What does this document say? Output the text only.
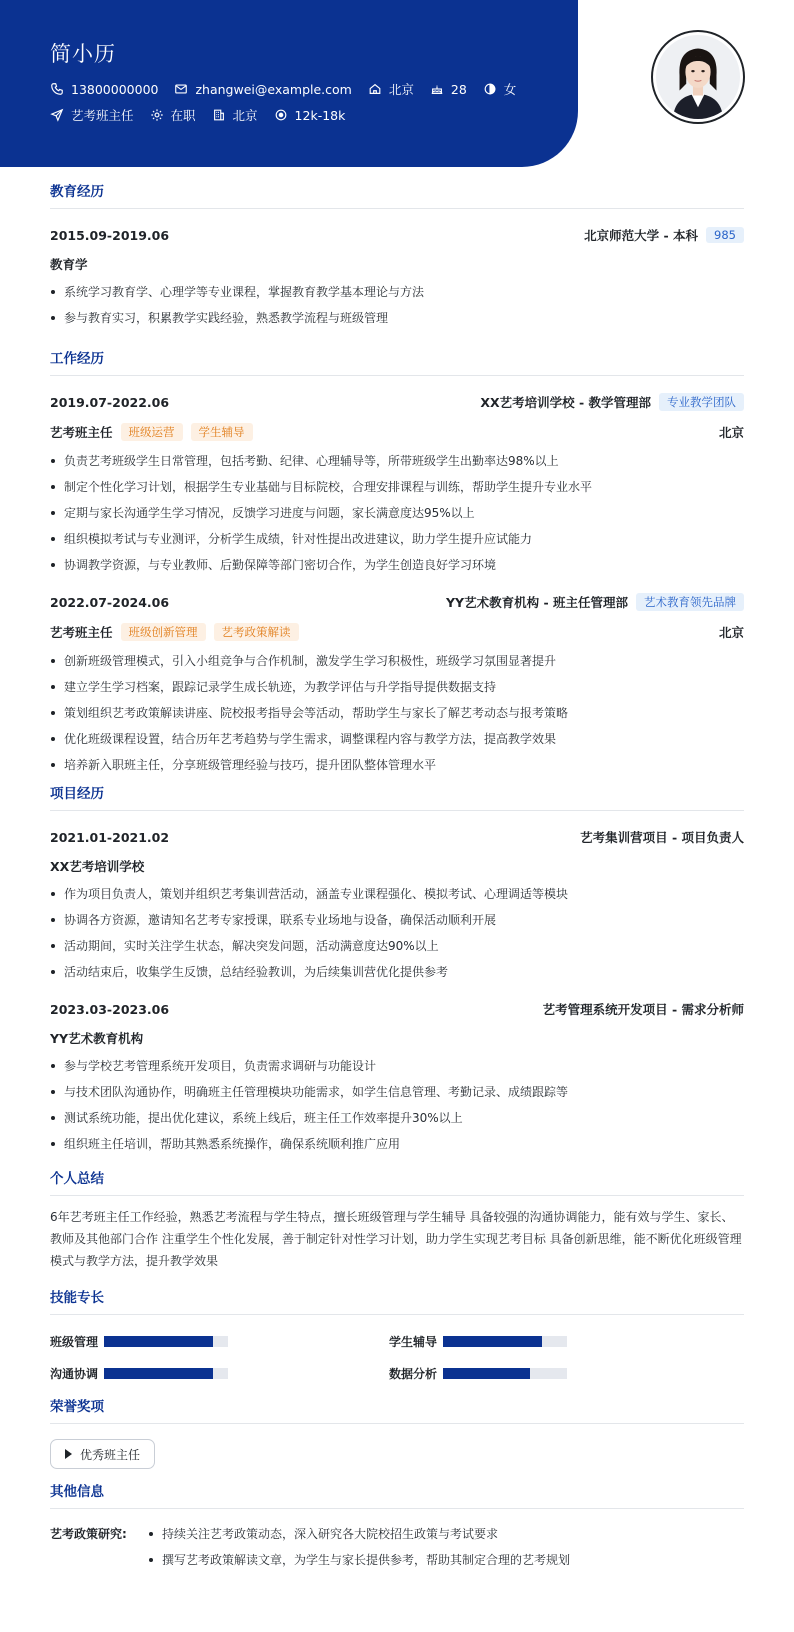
简小历
13800000000	zhangwei@example.com	北京	28	女
艺考班主任	在职	北京	12k-18k
教育经历
2015.09-2019.06	北京师范大学 - 本科	985
教育学
系统学习教育学、心理学等专业课程，掌握教育教学基本理论与方法
参与教育实习，积累教学实践经验，熟悉教学流程与班级管理
工作经历
2019.07-2022.06	XX艺考培训学校 - 教学管理部	专业教学团队
艺考班主任	班级运营	学生辅导	北京
负责艺考班级学生日常管理，包括考勤、纪律、心理辅导等，所带班级学生出勤率达98%以上
制定个性化学习计划，根据学生专业基础与目标院校，合理安排课程与训练，帮助学生提升专业水平
定期与家长沟通学生学习情况，反馈学习进度与问题，家长满意度达95%以上
组织模拟考试与专业测评，分析学生成绩，针对性提出改进建议，助力学生提升应试能力
协调教学资源，与专业教师、后勤保障等部门密切合作，为学生创造良好学习环境
2022.07-2024.06	YY艺术教育机构 - 班主任管理部	艺术教育领先品牌
艺考班主任	班级创新管理	艺考政策解读	北京
创新班级管理模式，引入小组竞争与合作机制，激发学生学习积极性，班级学习氛围显著提升
建立学生学习档案，跟踪记录学生成长轨迹，为教学评估与升学指导提供数据支持
策划组织艺考政策解读讲座、院校报考指导会等活动，帮助学生与家长了解艺考动态与报考策略
优化班级课程设置，结合历年艺考趋势与学生需求，调整课程内容与教学方法，提高教学效果
培养新入职班主任，分享班级管理经验与技巧，提升团队整体管理水平
项目经历
2021.01-2021.02	艺考集训营项目 - 项目负责人
XX艺考培训学校
作为项目负责人，策划并组织艺考集训营活动，涵盖专业课程强化、模拟考试、心理调适等模块
协调各方资源，邀请知名艺考专家授课，联系专业场地与设备，确保活动顺利开展
活动期间，实时关注学生状态，解决突发问题，活动满意度达90%以上
活动结束后，收集学生反馈，总结经验教训，为后续集训营优化提供参考
2023.03-2023.06	艺考管理系统开发项目 - 需求分析师
YY艺术教育机构
参与学校艺考管理系统开发项目，负责需求调研与功能设计
与技术团队沟通协作，明确班主任管理模块功能需求，如学生信息管理、考勤记录、成绩跟踪等
测试系统功能，提出优化建议，系统上线后，班主任工作效率提升30%以上
组织班主任培训，帮助其熟悉系统操作，确保系统顺利推广应用
个人总结
6年艺考班主任工作经验，熟悉艺考流程与学生特点，擅长班级管理与学生辅导 具备较强的沟通协调能力，能有效与学生、家长、教师及其他部门合作 注重学生个性化发展，善于制定针对性学习计划，助力学生实现艺考目标 具备创新思维，能不断优化班级管理模式与教学方法，提升教学效果
技能专长
班级管理	学生辅导
沟通协调	数据分析
荣誉奖项
优秀班主任
其他信息
艺考政策研究:	持续关注艺考政策动态，深入研究各大院校招生政策与考试要求
撰写艺考政策解读文章，为学生与家长提供参考，帮助其制定合理的艺考规划
